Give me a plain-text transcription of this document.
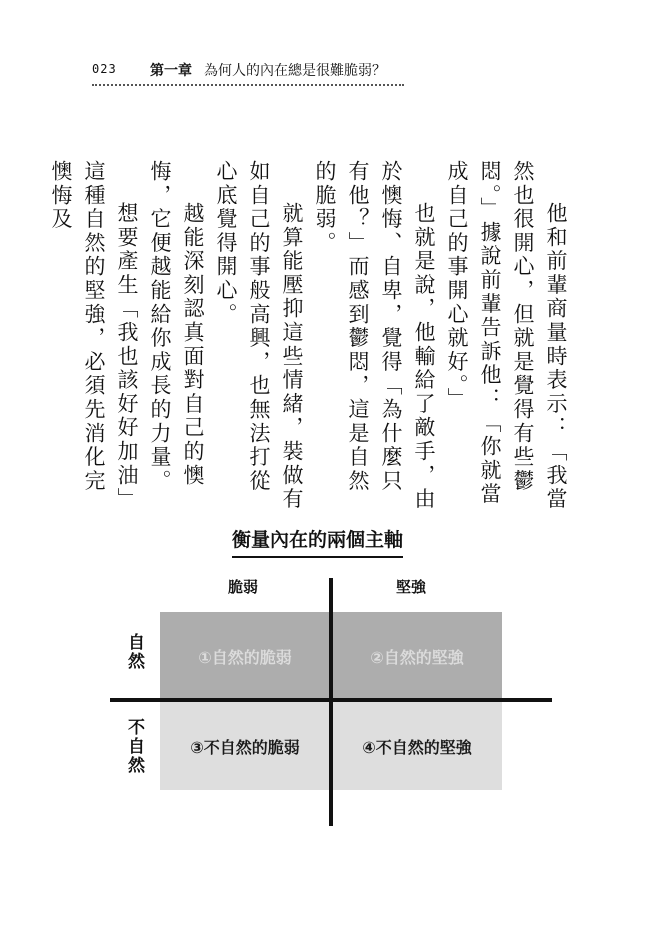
023 第一章 為何人的內在總是很難脆弱？

他和前輩商量時表示：「我當然也很開心，但就是覺得有些鬱悶。」據說前輩告訴他：「你就當成自己的事開心就好。」

也就是說，他輸給了敵手，由於懊悔、自卑，覺得「為什麼只有他？」而感到鬱悶，這是自然的脆弱。

就算能壓抑這些情緒，裝做有如自己的事般高興，也無法打從心底覺得開心。

越能深刻認真面對自己的懊悔，它便越能給你成長的力量。

想要產生「我也該好好加油」這種自然的堅強，必須先消化完懊悔及

衡量內在的兩個主軸
脆弱	堅強
自然
不自然
①自然的脆弱	②自然的堅強
③不自然的脆弱	④不自然的堅強
